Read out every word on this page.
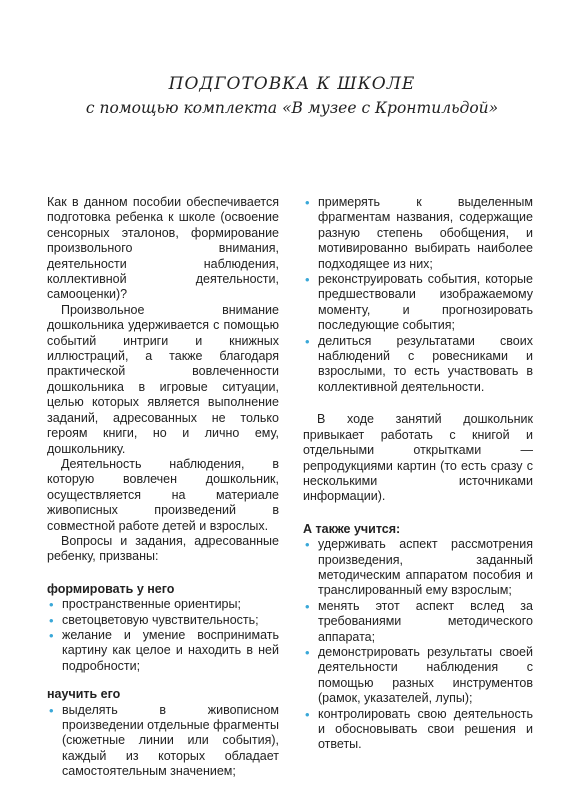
ПОДГОТОВКА К ШКОЛЕ
с помощью комплекта «В музее с Кронтильдой»

Как в данном пособии обеспечивается подготовка ребенка к школе (освоение сенсорных эталонов, формирование произвольного внимания, деятельности наблюдения, коллективной деятельности, самооценки)?

Произвольное внимание дошкольника удерживается с помощью событий интриги и книжных иллюстраций, а также благодаря практической вовлеченности дошкольника в игровые ситуации, целью которых является выполнение заданий, адресованных не только героям книги, но и лично ему, дошкольнику.

Деятельность наблюдения, в которую вовлечен дошкольник, осуществляется на материале живописных произведений в совместной работе детей и взрослых.

Вопросы и задания, адресованные ребенку, призваны:

формировать у него

• пространственные ориентиры;
• светоцветовую чувствительность;
• желание и умение воспринимать картину как целое и находить в ней подробности;

научить его

• выделять в живописном произведении отдельные фрагменты (сюжетные линии или события), каждый из которых обладает самостоятельным значением;
• примерять к выделенным фрагментам названия, содержащие разную степень обобщения, и мотивированно выбирать наиболее подходящее из них;
• реконструировать события, которые предшествовали изображаемому моменту, и прогнозировать последующие события;
• делиться результатами своих наблюдений с ровесниками и взрослыми, то есть участвовать в коллективной деятельности.

В ходе занятий дошкольник привыкает работать с книгой и отдельными открытками — репродукциями картин (то есть сразу с несколькими источниками информации).

А также учится:

• удерживать аспект рассмотрения произведения, заданный методическим аппаратом пособия и транслированный ему взрослым;
• менять этот аспект вслед за требованиями методического аппарата;
• демонстрировать результаты своей деятельности наблюдения с помощью разных инструментов (рамок, указателей, лупы);
• контролировать свою деятельность и обосновывать свои решения и ответы.
